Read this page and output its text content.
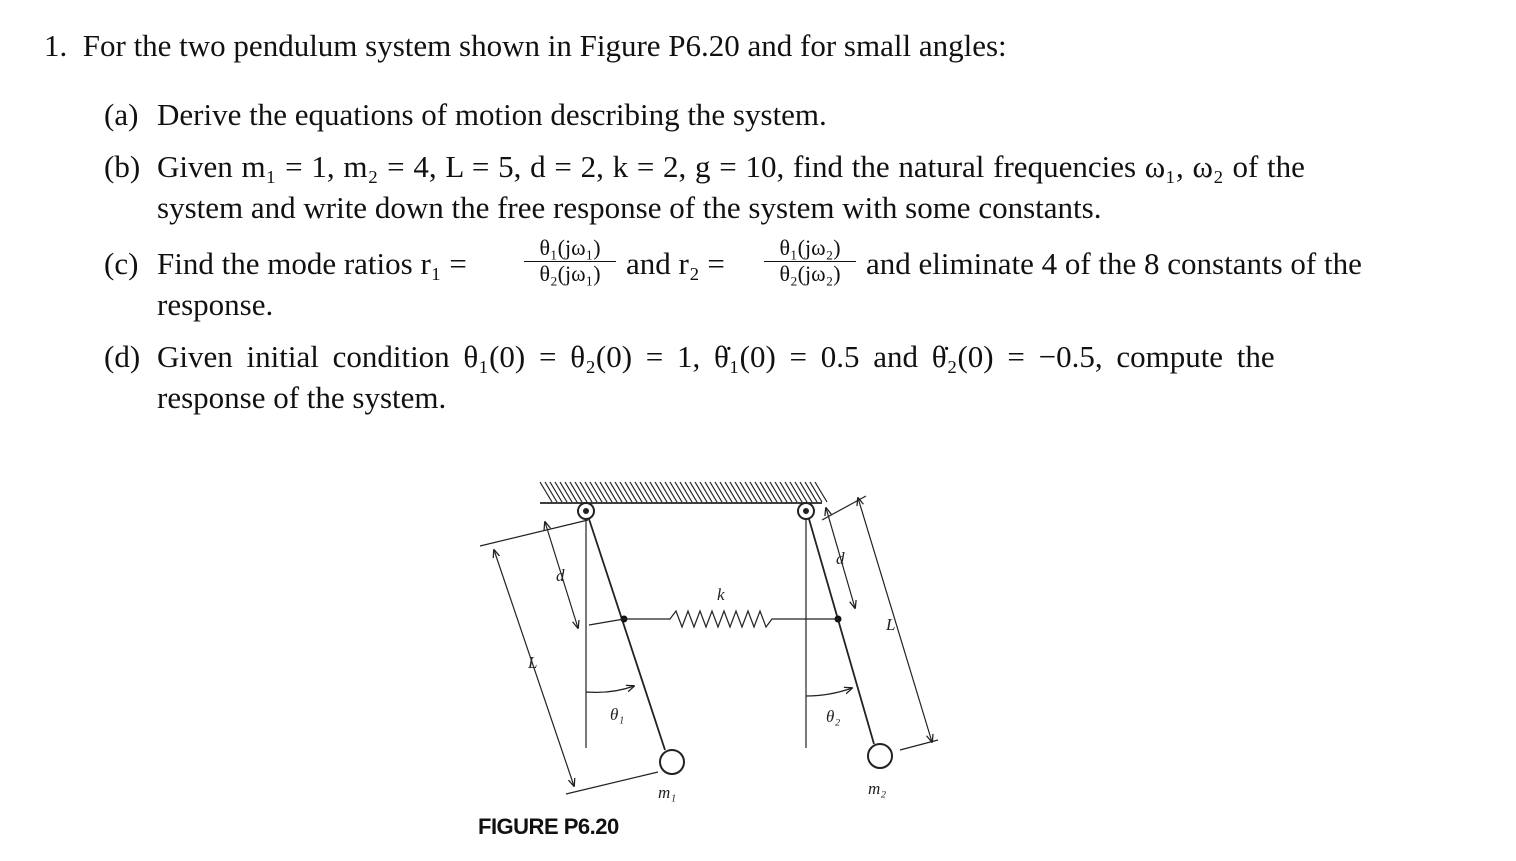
1. For the two pendulum system shown in Figure P6.20 and for small angles:
(a) Derive the equations of motion describing the system.
(b) Given m₁ = 1, m₂ = 4, L = 5, d = 2, k = 2, g = 10, find the natural frequencies ω₁, ω₂ of the
system and write down the free response of the system with some constants.
(c) Find the mode ratios r₁ =	$\frac{\text{θ₁(jω₁)}}{\text{θ₂(jω₁)}}$ and $r_2 = \frac{\text{θ₁(jω₂)}}{\text{θ₂(jω₂)}}$ and eliminate 4 of the 8 constants of the
response.
(d) Given initial condition θ₁(0) = θ₂(0) = 1, θ̇₁(0) = 0.5 and θ̇₂(0) = −0.5, compute the
response of the system.
d
d
L
L
k
θ₁	θ₂
m₁	m₂
FIGURE P6.20
